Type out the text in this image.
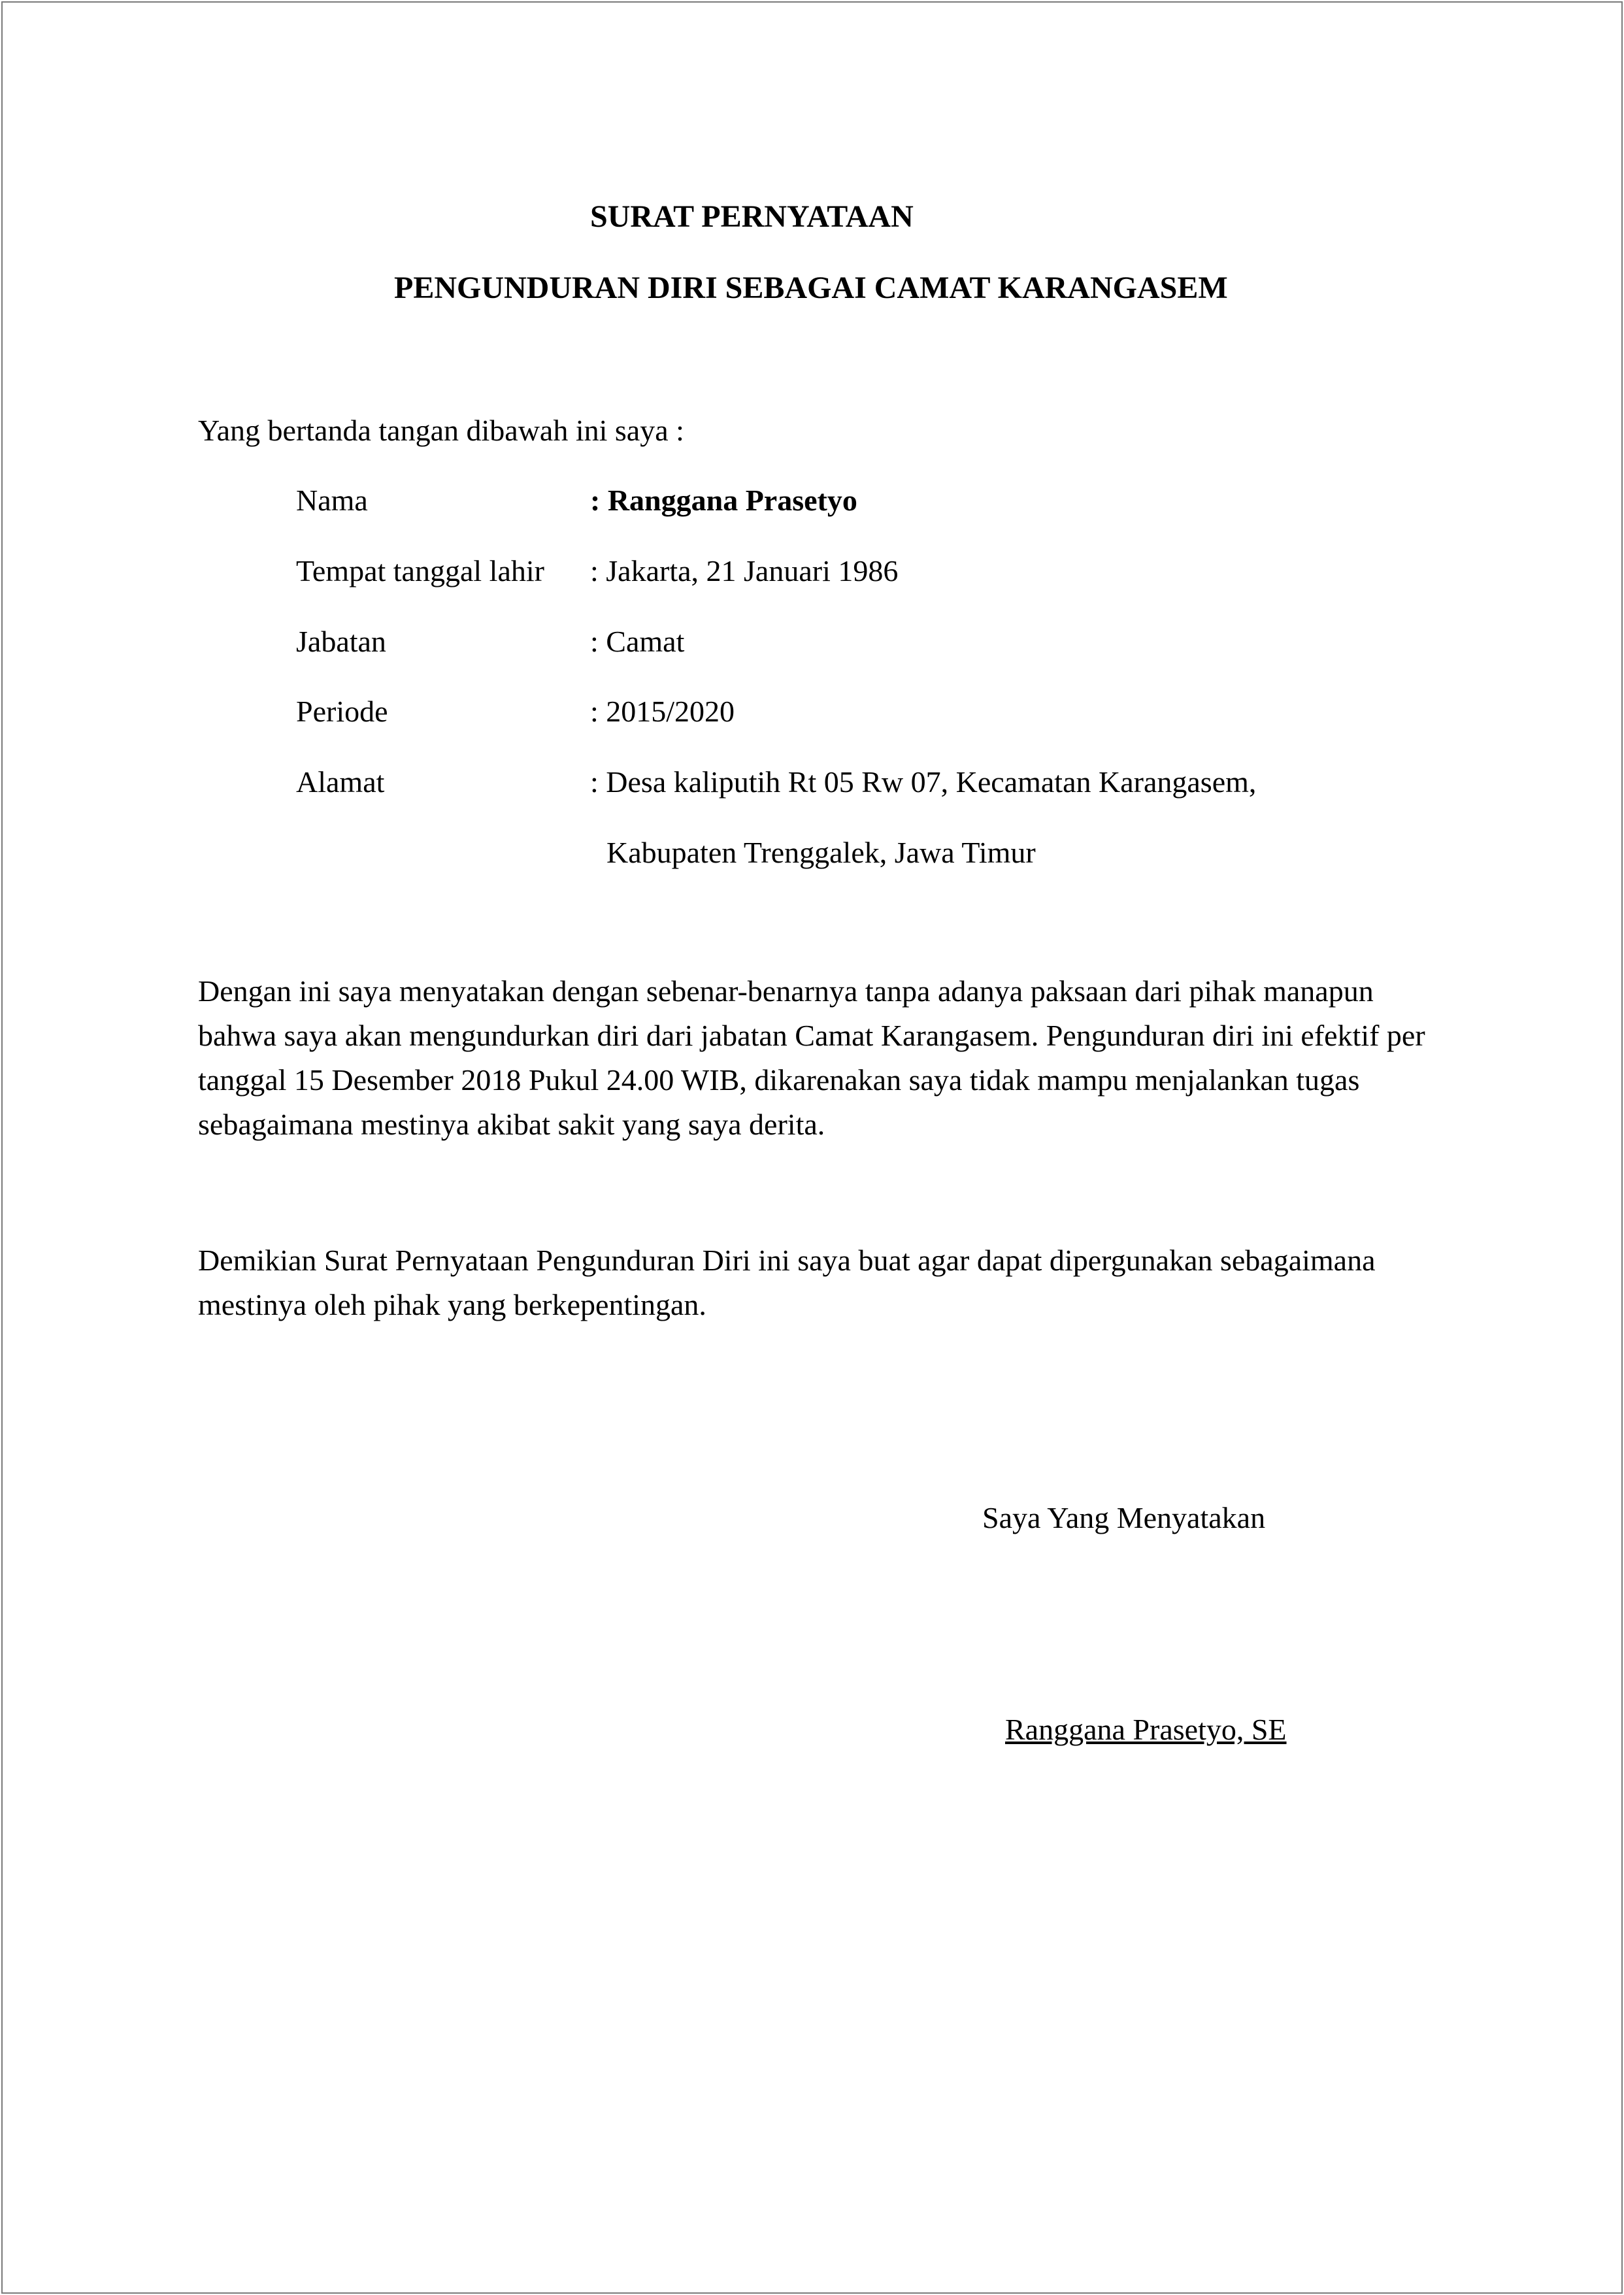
SURAT PERNYATAAN
PENGUNDURAN DIRI SEBAGAI CAMAT KARANGASEM
Yang bertanda tangan dibawah ini saya :
Nama	: Ranggana Prasetyo
Tempat tanggal lahir : Jakarta, 21 Januari 1986
Jabatan	: Camat
Periode	: 2015/2020
Alamat	: Desa kaliputih Rt 05 Rw 07, Kecamatan Karangasem,
Kabupaten Trenggalek, Jawa Timur
Dengan ini saya menyatakan dengan sebenar-benarnya tanpa adanya paksaan dari pihak manapun bahwa saya akan mengundurkan diri dari jabatan Camat Karangasem. Pengunduran diri ini efektif per tanggal 15 Desember 2018 Pukul 24.00 WIB, dikarenakan saya tidak mampu menjalankan tugas sebagaimana mestinya akibat sakit yang saya derita.
Demikian Surat Pernyataan Pengunduran Diri ini saya buat agar dapat dipergunakan sebagaimana mestinya oleh pihak yang berkepentingan.
Saya Yang Menyatakan
Ranggana Prasetyo, SE
